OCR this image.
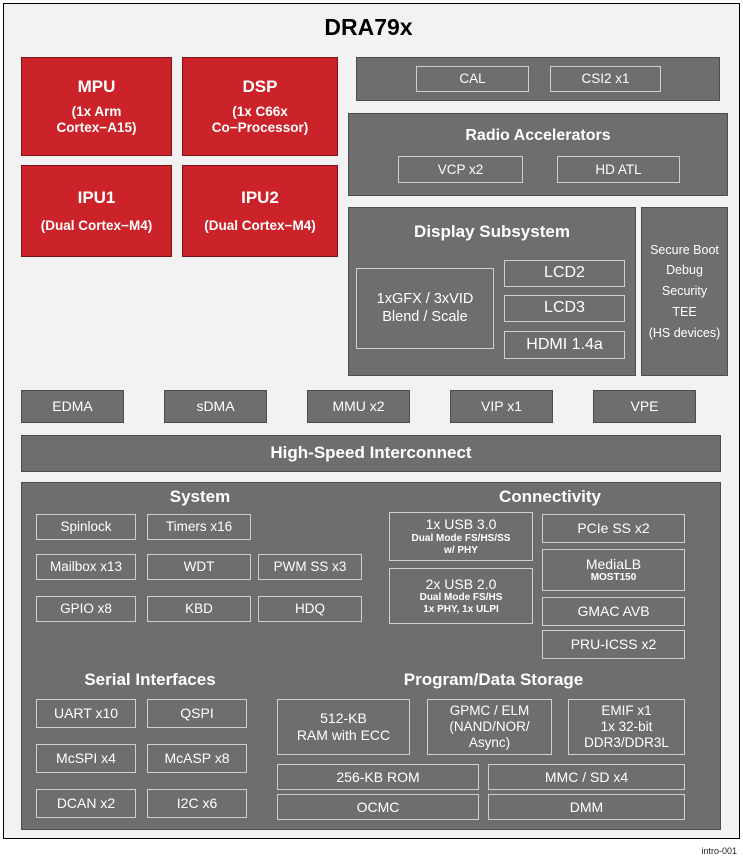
DRA79x
MPU
(1x Arm
Cortex−A15)
DSP
(1x C66x
Co−Processor)
IPU1
(Dual Cortex−M4)
IPU2
(Dual Cortex−M4)
CAL	CSI2 x1
Radio Accelerators
VCP x2	HD ATL
Display Subsystem
1xGFX / 3xVID
Blend / Scale
LCD2
LCD3
HDMI 1.4a
Secure Boot
Debug
Security
TEE
(HS devices)
EDMA	sDMA	MMU x2	VIP x1	VPE
High-Speed Interconnect
System
Spinlock	Timers x16
Mailbox x13	WDT	PWM SS x3
GPIO x8	KBD	HDQ
Connectivity
1x USB 3.0
Dual Mode FS/HS/SS
w/ PHY
2x USB 2.0
Dual Mode FS/HS
1x PHY, 1x ULPI
PCIe SS x2
MediaLB
MOST150
GMAC AVB
PRU-ICSS x2
Serial Interfaces
UART x10	QSPI
McSPI x4	McASP x8
DCAN x2	I2C x6
Program/Data Storage
512-KB
RAM with ECC
GPMC / ELM
(NAND/NOR/
Async)
EMIF x1
1x 32-bit
DDR3/DDR3L
256-KB ROM	MMC / SD x4
OCMC	DMM
intro-001
